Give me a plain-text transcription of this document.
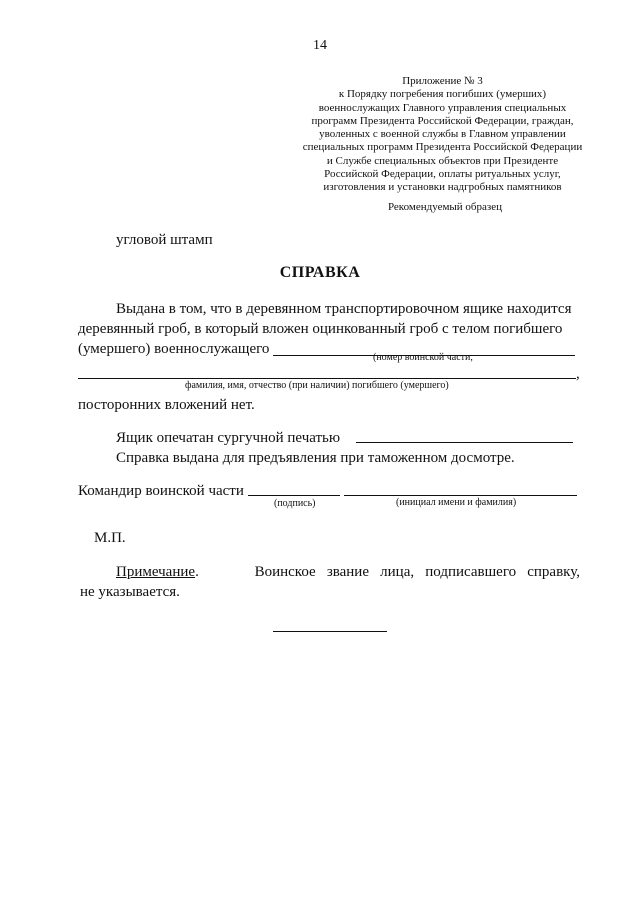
14
Приложение № 3
к Порядку погребения погибших (умерших)
военнослужащих Главного управления специальных
программ Президента Российской Федерации, граждан,
уволенных с военной службы в Главном управлении
специальных программ Президента Российской Федерации
и Службе специальных объектов при Президенте
Российской Федерации, оплаты ритуальных услуг,
изготовления и установки надгробных памятников
Рекомендуемый образец
угловой штамп
СПРАВКА
Выдана в том, что в деревянном транспортировочном ящике находится
деревянный гроб, в который вложен оцинкованный гроб с телом погибшего
(умершего) военнослужащего
(номер воинской части,
,
фамилия, имя, отчество (при наличии) погибшего (умершего)
посторонних вложений нет.
Ящик опечатан сургучной печатью
Справка выдана для предъявления при таможенном досмотре.
Командир воинской части
(подпись)	(инициал имени и фамилия)
М.П.
Примечание.	Воинское звание лица, подписавшего справку,
не указывается.
